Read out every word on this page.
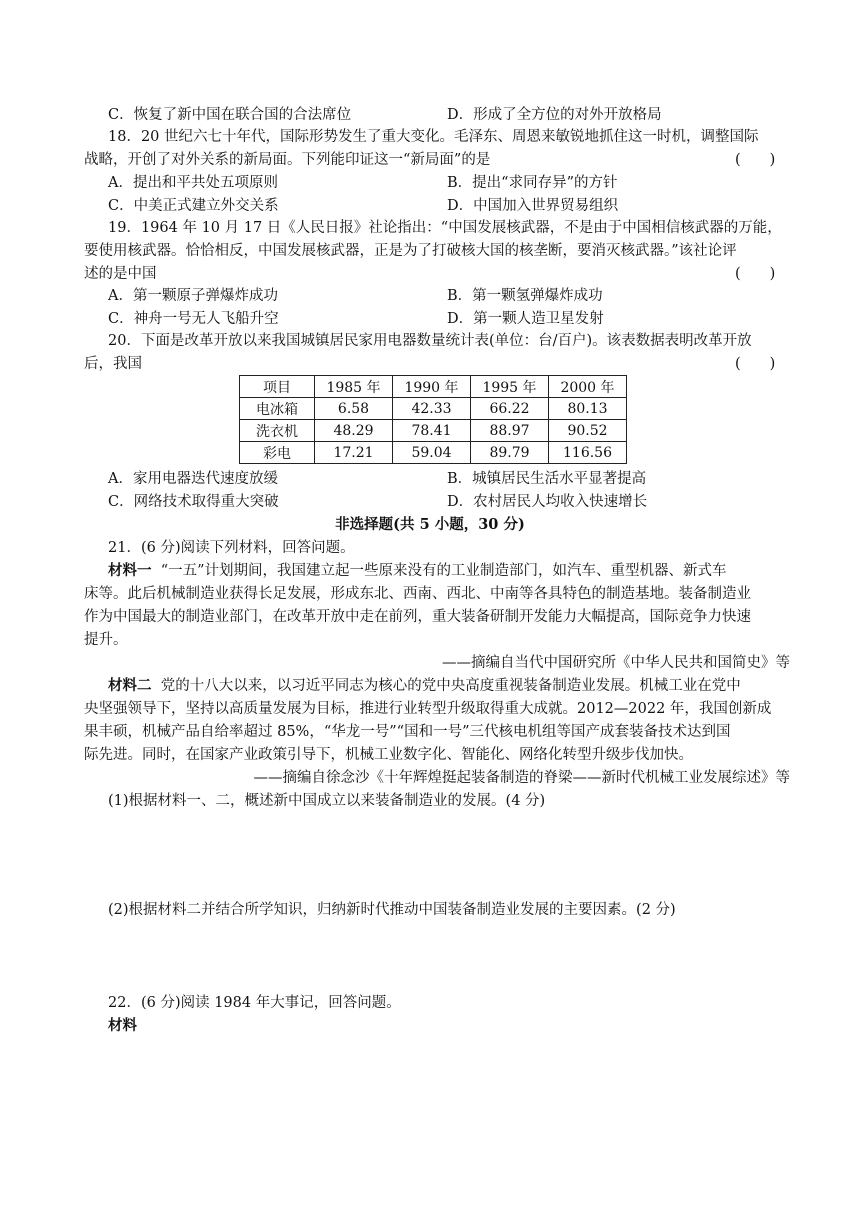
C．恢复了新中国在联合国的合法席位	D．形成了全方位的对外开放格局
18．20 世纪六七十年代，国际形势发生了重大变化。毛泽东、周恩来敏锐地抓住这一时机，调整国际
战略，开创了对外关系的新局面。下列能印证这一“新局面”的是	(　　)
A．提出和平共处五项原则	B．提出“求同存异”的方针
C．中美正式建立外交关系	D．中国加入世界贸易组织
19．1964 年 10 月 17 日《人民日报》社论指出：“中国发展核武器，不是由于中国相信核武器的万能，
要使用核武器。恰恰相反，中国发展核武器，正是为了打破核大国的核垄断，要消灭核武器。”该社论评
述的是中国	(　　)
A．第一颗原子弹爆炸成功	B．第一颗氢弹爆炸成功
C．神舟一号无人飞船升空	D．第一颗人造卫星发射
20．下面是改革开放以来我国城镇居民家用电器数量统计表(单位：台/百户)。该表数据表明改革开放
后，我国	(　　)
项目	1985 年	1990 年	1995 年	2000 年
电冰箱	6.58	42.33	66.22	80.13
洗衣机	48.29	78.41	88.97	90.52
彩电	17.21	59.04	89.79	116.56
A．家用电器迭代速度放缓	B．城镇居民生活水平显著提高
C．网络技术取得重大突破	D．农村居民人均收入快速增长
非选择题(共 5 小题，30 分)
21．(6 分)阅读下列材料，回答问题。
材料一 “一五”计划期间，我国建立起一些原来没有的工业制造部门，如汽车、重型机器、新式车
床等。此后机械制造业获得长足发展，形成东北、西南、西北、中南等各具特色的制造基地。装备制造业
作为中国最大的制造业部门，在改革开放中走在前列，重大装备研制开发能力大幅提高，国际竞争力快速
提升。
——摘编自当代中国研究所《中华人民共和国简史》等
材料二 党的十八大以来，以习近平同志为核心的党中央高度重视装备制造业发展。机械工业在党中
央坚强领导下，坚持以高质量发展为目标，推进行业转型升级取得重大成就。2012—2022 年，我国创新成
果丰硕，机械产品自给率超过 85%，“华龙一号”“国和一号”三代核电机组等国产成套装备技术达到国
际先进。同时，在国家产业政策引导下，机械工业数字化、智能化、网络化转型升级步伐加快。
——摘编自徐念沙《十年辉煌挺起装备制造的脊梁——新时代机械工业发展综述》等
(1)根据材料一、二，概述新中国成立以来装备制造业的发展。(4 分)
(2)根据材料二并结合所学知识，归纳新时代推动中国装备制造业发展的主要因素。(2 分)
22．(6 分)阅读 1984 年大事记，回答问题。
材料
